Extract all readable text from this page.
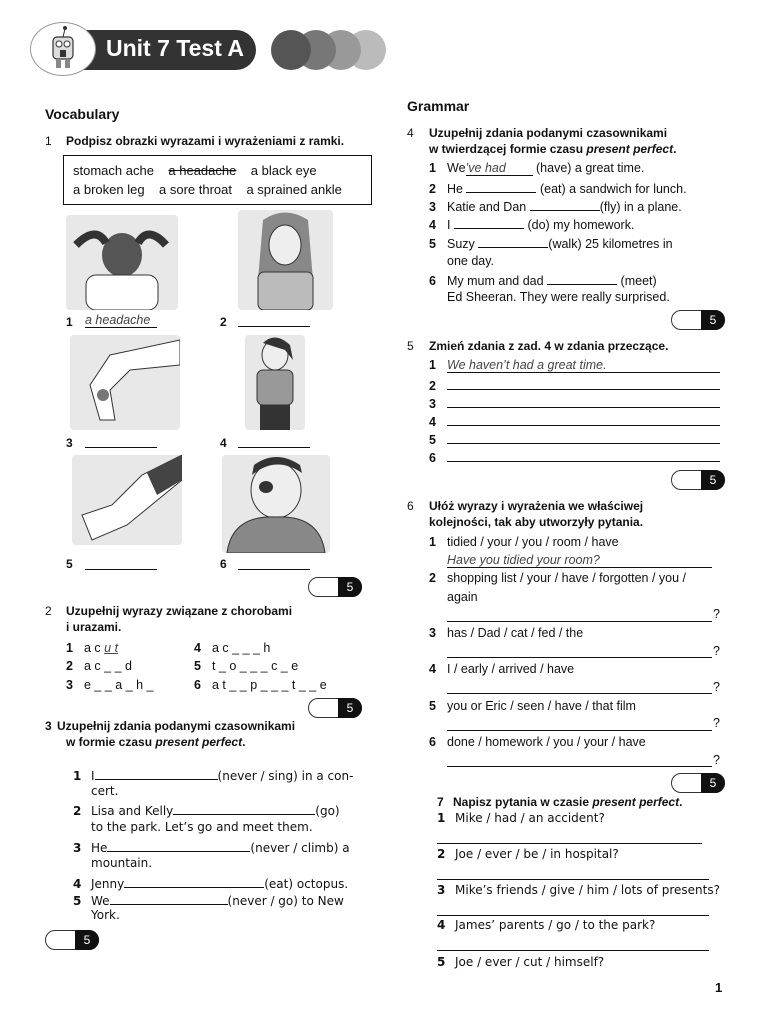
Unit 7 Test A
Vocabulary
1 Podpisz obrazki wyrazami i wyrażeniami z ramki.
stomach ache a headache a black eye
a broken leg a sore throat a sprained ankle
1 a headache	2
3	4
5	6
5
2 Uzupełnij wyrazy związane z chorobami
i urazami.
1 a c u t	4 a c _ _ _ h
2 a c _ _ d	5 t _ o _ _ _ c _ e
3 e _ _ a _ h _	6 a t _ _ p _ _ _ t _ _ e
5
3 Uzupełnij zdania podanymi czasownikami
w formie czasu present perfect.
1 I	(never / sing) in a con-
cert.
2 Lisa and Kelly	(go)
to the park. Let’s go and meet them.
3 He	(never / climb) a
mountain.
4 Jenny	(eat) octopus.
5 We	(never / go) to New
York.
5
Grammar
4 Uzupełnij zdania podanymi czasownikami
w twierdzącej formie czasu present perfect.
1 We’ve had (have) a great time.
2 He	(eat) a sandwich for lunch.
3 Katie and Dan	(fly) in a plane.
4 I	(do) my homework.
5 Suzy	(walk) 25 kilometres in
one day.
6 My mum and dad	(meet)
Ed Sheeran. They were really surprised.
5
5 Zmień zdania z zad. 4 w zdania przeczące.
1 We haven’t had a great time.
2
3
4
5
6
5
6 Ułóż wyrazy i wyrażenia we właściwej
kolejności, tak aby utworzyły pytania.
1 tidied / your / you / room / have
Have you tidied your room?
2 shopping list / your / have / forgotten / you /
again
?
3 has / Dad / cat / fed / the
?
4 I / early / arrived / have
?
5 you or Eric / seen / have / that film
?
6 done / homework / you / your / have
?
5
7 Napisz pytania w czasie present perfect.
1 Mike / had / an accident?
2 Joe / ever / be / in hospital?
3 Mike’s friends / give / him / lots of presents?
4 James’ parents / go / to the park?
5 Joe / ever / cut / himself?
1
